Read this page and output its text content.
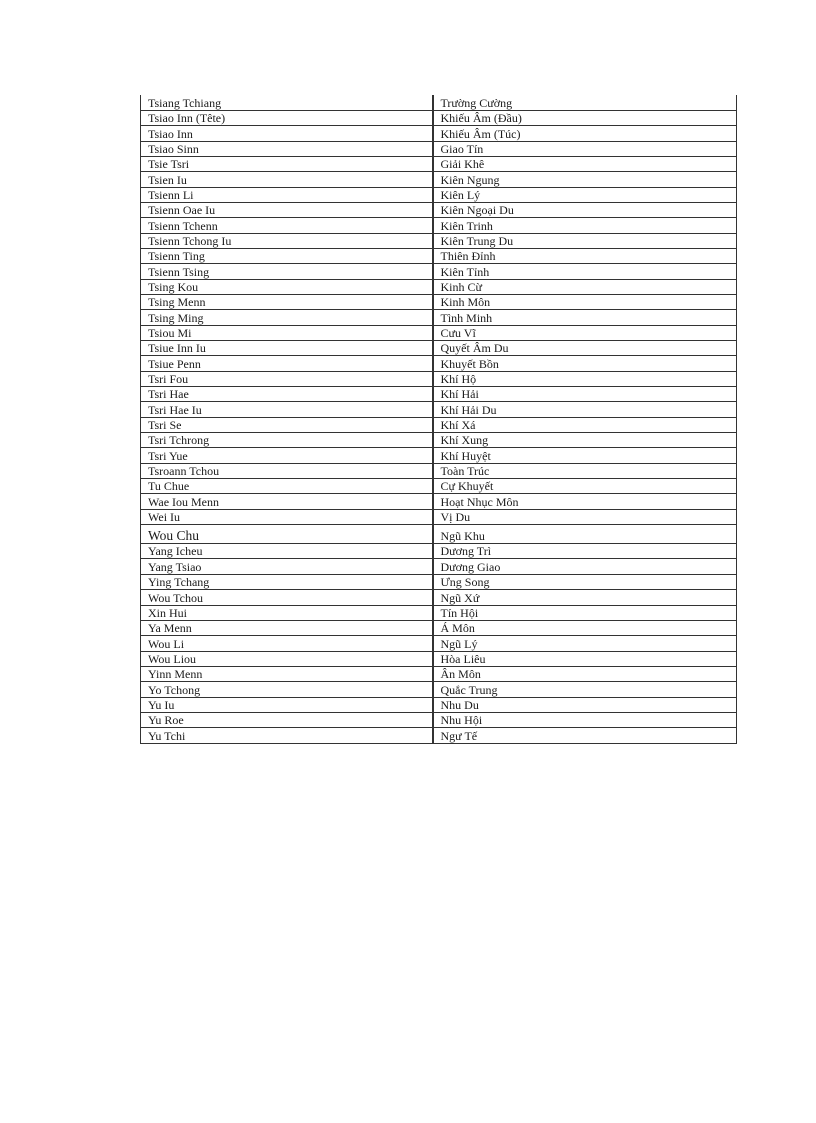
Tsiang Tchiang	Trường Cường
Tsiao Inn (Tête)	Khiếu Âm (Đầu)
Tsiao Inn	Khiếu Âm (Túc)
Tsiao Sinn	Giao Tín
Tsie Tsri	Giải Khê
Tsien Iu	Kiên Ngung
Tsienn Li	Kiên Lý
Tsienn Oae Iu	Kiên Ngoại Du
Tsienn Tchenn	Kiên Trinh
Tsienn Tchong Iu	Kiên Trung Du
Tsienn Ting	Thiên Đỉnh
Tsienn Tsing	Kiên Tỉnh
Tsing Kou	Kinh Cừ
Tsing Menn	Kinh Môn
Tsing Ming	Tình Minh
Tsiou Mi	Cưu Vĩ
Tsiue Inn Iu	Quyết Âm Du
Tsiue Penn	Khuyết Bồn
Tsri Fou	Khí Hộ
Tsri Hae	Khí Hải
Tsri Hae Iu	Khí Hải Du
Tsri Se	Khí Xá
Tsri Tchrong	Khí Xung
Tsri Yue	Khí Huyệt
Tsroann Tchou	Toàn Trúc
Tu Chue	Cự Khuyết
Wae Iou Menn	Hoạt Nhục Môn
Wei Iu	Vị Du
Wou Chu	Ngũ Khu
Yang Icheu	Dương Trì
Yang Tsiao	Dương Giao
Ying Tchang	Ưng Song
Wou Tchou	Ngũ Xứ
Xin Hui	Tín Hội
Ya Menn	Á Môn
Wou Li	Ngũ Lý
Wou Liou	Hòa Liêu
Yinn Menn	Ân Môn
Yo Tchong	Quắc Trung
Yu Iu	Nhu Du
Yu Roe	Nhu Hội
Yu Tchi	Ngư Tế
